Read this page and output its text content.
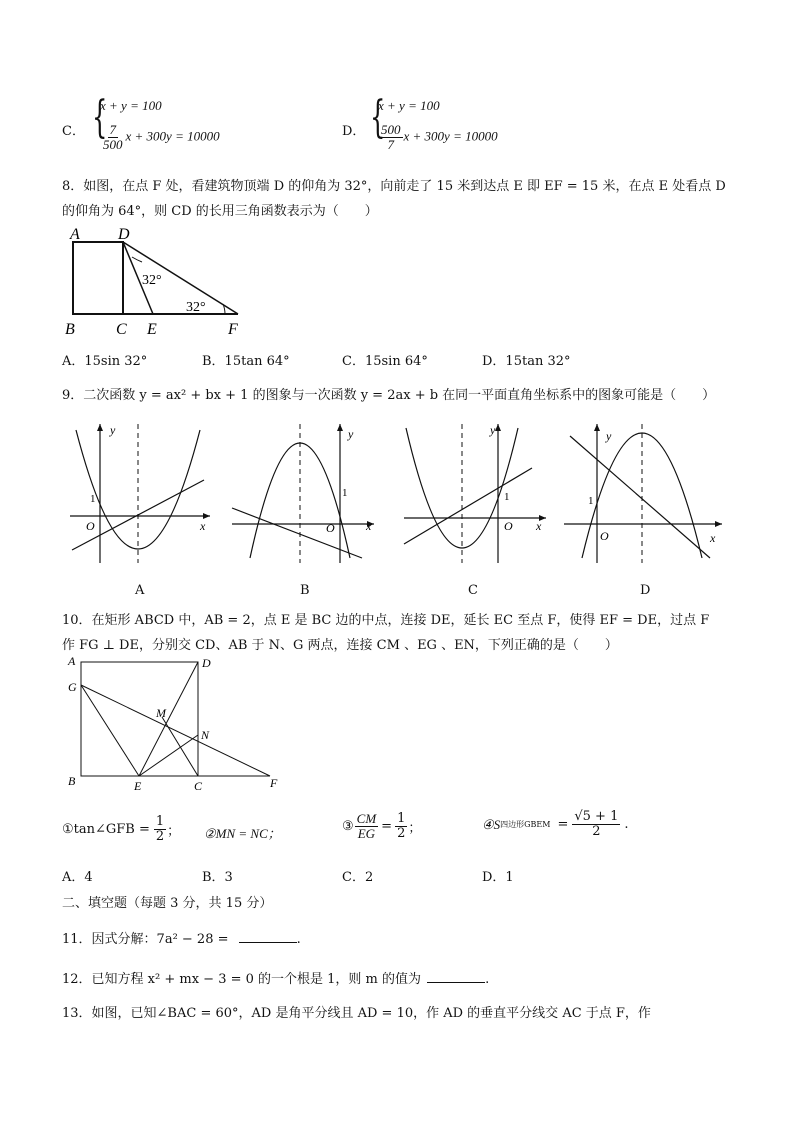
C． {
x + y = 100
$\frac{7}{500}$ x + 300y = 10000	D． {
x + y = 100
$\frac{500}{7}$ x + 300y = 10000
8．如图，在点 F 处，看建筑物顶端 D 的仰角为 32°，向前走了 15 米到达点 E 即 EF = 15 米，在点 E 处看点 D
的仰角为 64°，则 CD 的长用三角函数表示为（　　）
A D
B	C E	F
32°
32°
A．15sin 32°	B．15tan 64°	C．15sin 64°	D．15tan 32°
9．二次函数 y = ax² + bx + 1 的图象与一次函数 y = 2ax + b 在同一平面直角坐标系中的图象可能是（　　）
y
x
O
1
A
y
x
O
1
B
y
x
O
1
C
y
x
O
1
D
10．在矩形 ABCD 中，AB = 2，点 E 是 BC 边的中点，连接 DE，延长 EC 至点 F，使得 EF = DE，过点 F
作 FG ⊥ DE，分别交 CD、AB 于 N、G 两点，连接 CM 、EG 、EN，下列正确的是（　　）
A	D
G
M
N
B	E	C	F
①tan∠GFB = $\frac{1}{2}$ ； ②MN = NC；	③ $\frac{CM}{EG} = \frac{1}{2}$ ；	④S 四边形GBEM = $\frac{√5 + 1}{2}$ .
A．4	B．3	C．2	D．1
二、填空题（每题 3 分，共 15 分）
11．因式分解：7a² − 28 =	.
12．已知方程 x² + mx − 3 = 0 的一个根是 1，则 m 的值为	.
13．如图，已知∠BAC = 60°，AD 是角平分线且 AD = 10，作 AD 的垂直平分线交 AC 于点 F，作
